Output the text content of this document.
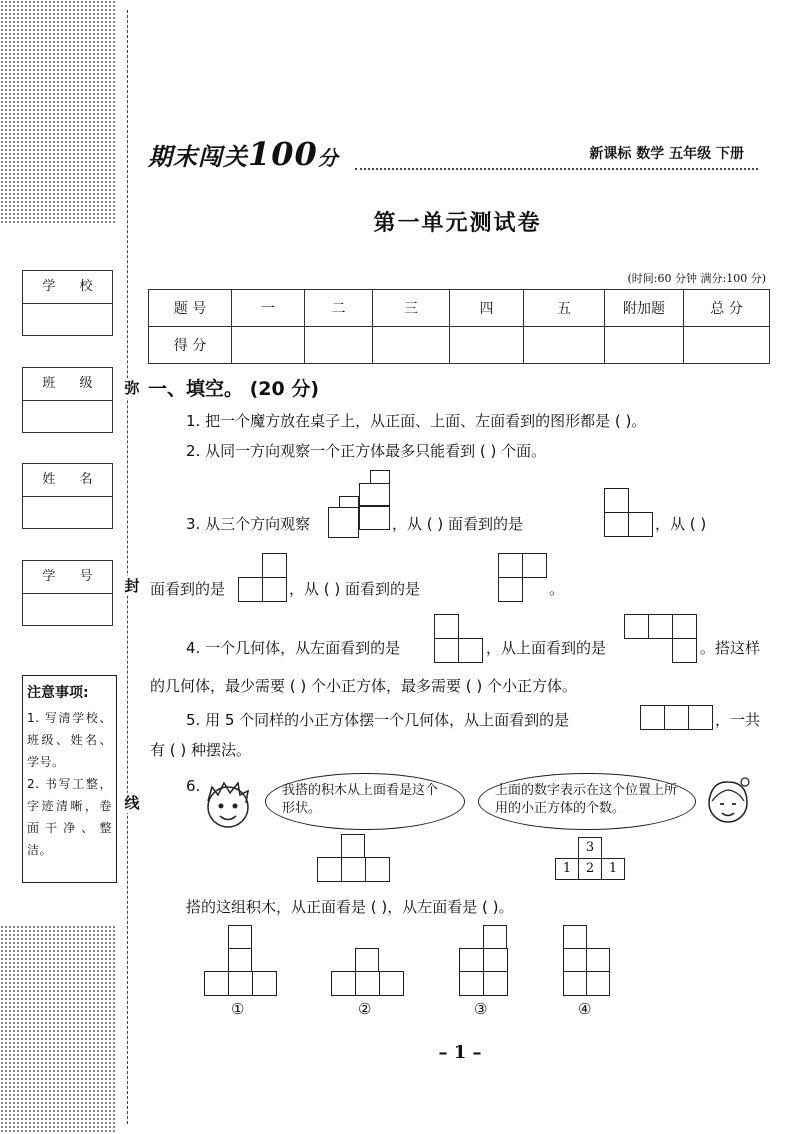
弥
封
线
学 校
班 级
姓 名
学 号
注意事项:

1. 写清学校、班级、姓名、学号。

2. 书写工整，字迹清晰，卷面干净、整洁。

期末闯关100分	新课标 数学 五年级 下册
第一单元测试卷
(时间:60 分钟 满分:100 分)
题 号	一	二	三	四	五	附加题	总 分
得 分							
一、填空。 (20 分)
1. 把一个魔方放在桌子上，从正面、上面、左面看到的图形都是 ( )。
2. 从同一方向观察一个正方体最多只能看到 ( ) 个面。
3. 从三个方向观察	，从 ( ) 面看到的是	，从 ( )
面看到的是	，从 ( ) 面看到的是	。
4. 一个几何体，从左面看到的是	，从上面看到的是	。搭这样
的几何体，最少需要 ( ) 个小正方体，最多需要 ( ) 个小正方体。
5. 用 5 个同样的小正方体摆一个几何体，从上面看到的是	，一共
有 ( ) 种摆法。
6.	我搭的积木从上面看是这个形状。
上面的数字表示在这个位置上所用的小正方体的个数。
3
1	2	1
搭的这组积木，从正面看是 ( )，从左面看是 ( )。
①	②	③	④
– 1 –
